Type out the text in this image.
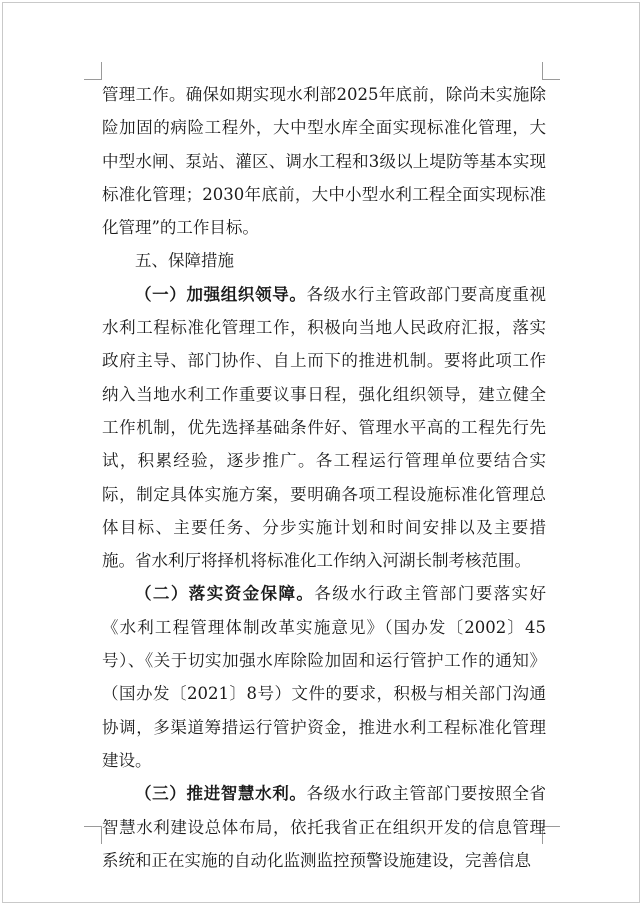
管理工作。确保如期实现水利部2025年底前，除尚未实施除险加固的病险工程外，大中型水库全面实现标准化管理，大中型水闸、泵站、灌区、调水工程和3级以上堤防等基本实现标准化管理；2030年底前，大中小型水利工程全面实现标准化管理”的工作目标。

五、保障措施

（一）加强组织领导。各级水行主管政部门要高度重视水利工程标准化管理工作，积极向当地人民政府汇报，落实政府主导、部门协作、自上而下的推进机制。要将此项工作纳入当地水利工作重要议事日程，强化组织领导，建立健全工作机制，优先选择基础条件好、管理水平高的工程先行先试，积累经验，逐步推广。各工程运行管理单位要结合实际，制定具体实施方案，要明确各项工程设施标准化管理总体目标、主要任务、分步实施计划和时间安排以及主要措施。省水利厅将择机将标准化工作纳入河湖长制考核范围。

（二）落实资金保障。各级水行政主管部门要落实好《水利工程管理体制改革实施意见》（国办发〔2002〕45号）、《关于切实加强水库除险加固和运行管护工作的通知》（国办发〔2021〕8号）文件的要求，积极与相关部门沟通协调，多渠道筹措运行管护资金，推进水利工程标准化管理建设。

（三）推进智慧水利。各级水行政主管部门要按照全省智慧水利建设总体布局，依托我省正在组织开发的信息管理系统和正在实施的自动化监测监控预警设施建设，完善信息
